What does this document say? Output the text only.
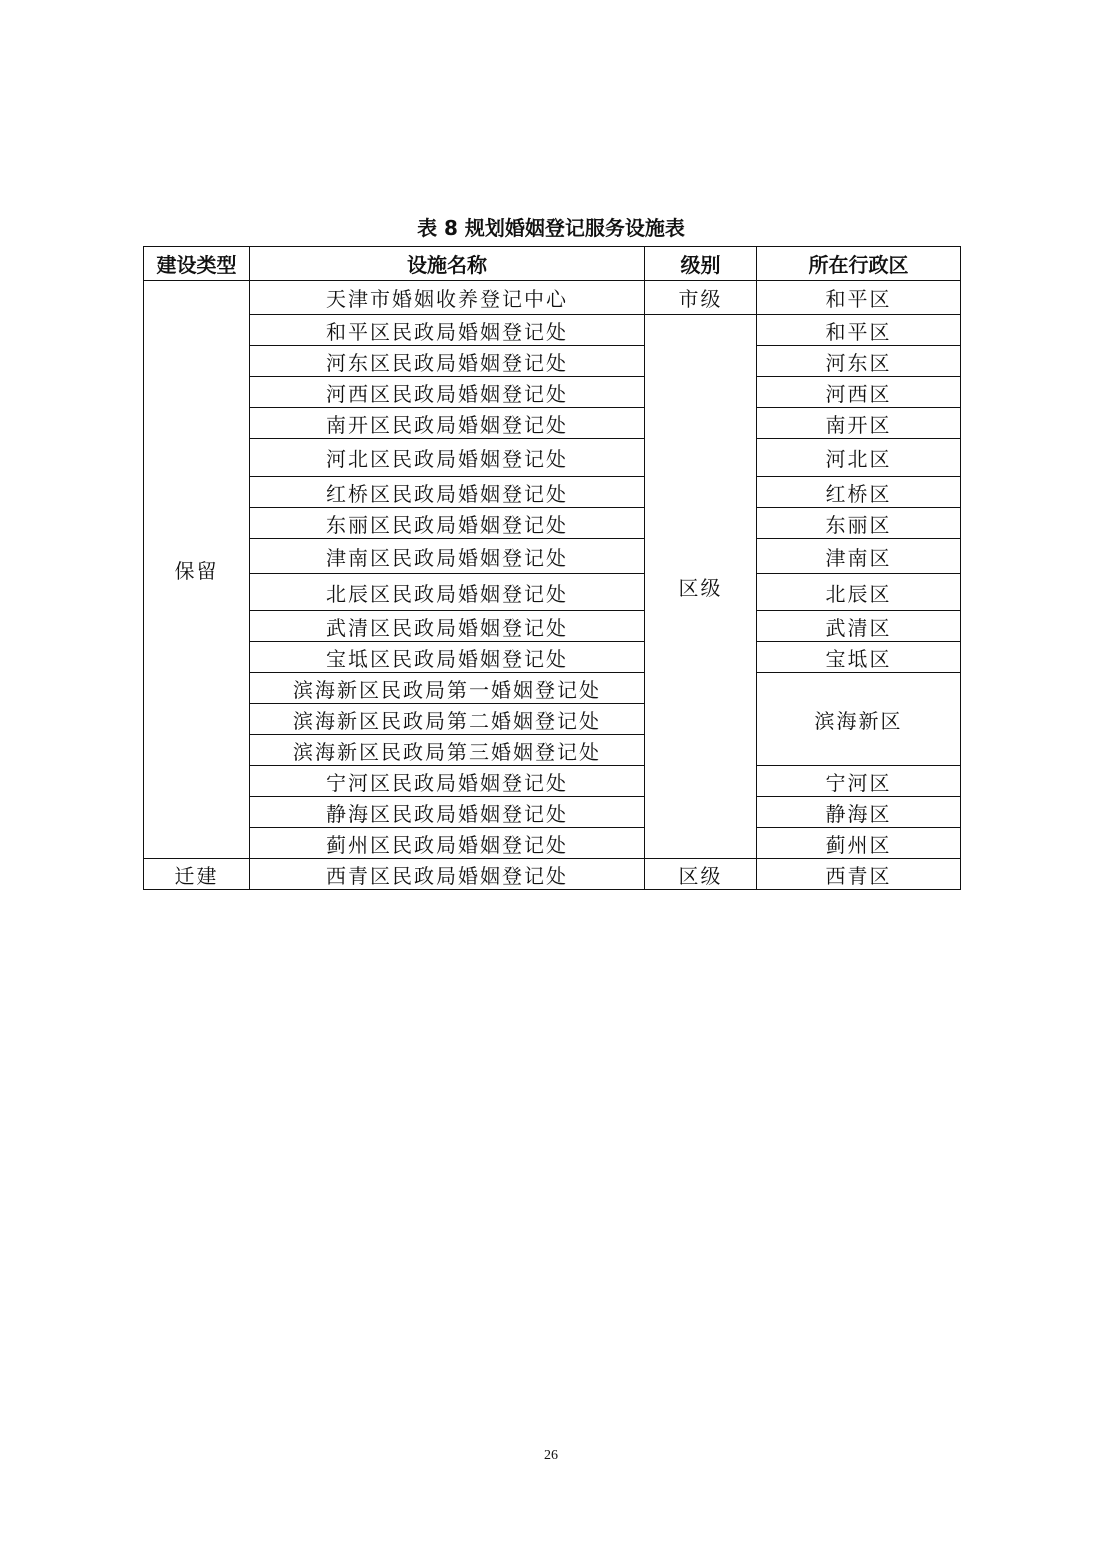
表 8 规划婚姻登记服务设施表
建设类型	设施名称	级别	所在行政区
保留	天津市婚姻收养登记中心	市级	和平区
	和平区民政局婚姻登记处	区级	和平区
	河东区民政局婚姻登记处		河东区
	河西区民政局婚姻登记处		河西区
	南开区民政局婚姻登记处		南开区
	河北区民政局婚姻登记处		河北区
	红桥区民政局婚姻登记处		红桥区
	东丽区民政局婚姻登记处		东丽区
	津南区民政局婚姻登记处		津南区
	北辰区民政局婚姻登记处		北辰区
	武清区民政局婚姻登记处		武清区
	宝坻区民政局婚姻登记处		宝坻区
	滨海新区民政局第一婚姻登记处		滨海新区
	滨海新区民政局第二婚姻登记处		
	滨海新区民政局第三婚姻登记处		
	宁河区民政局婚姻登记处		宁河区
	静海区民政局婚姻登记处		静海区
	蓟州区民政局婚姻登记处		蓟州区
迁建	西青区民政局婚姻登记处	区级	西青区
26
